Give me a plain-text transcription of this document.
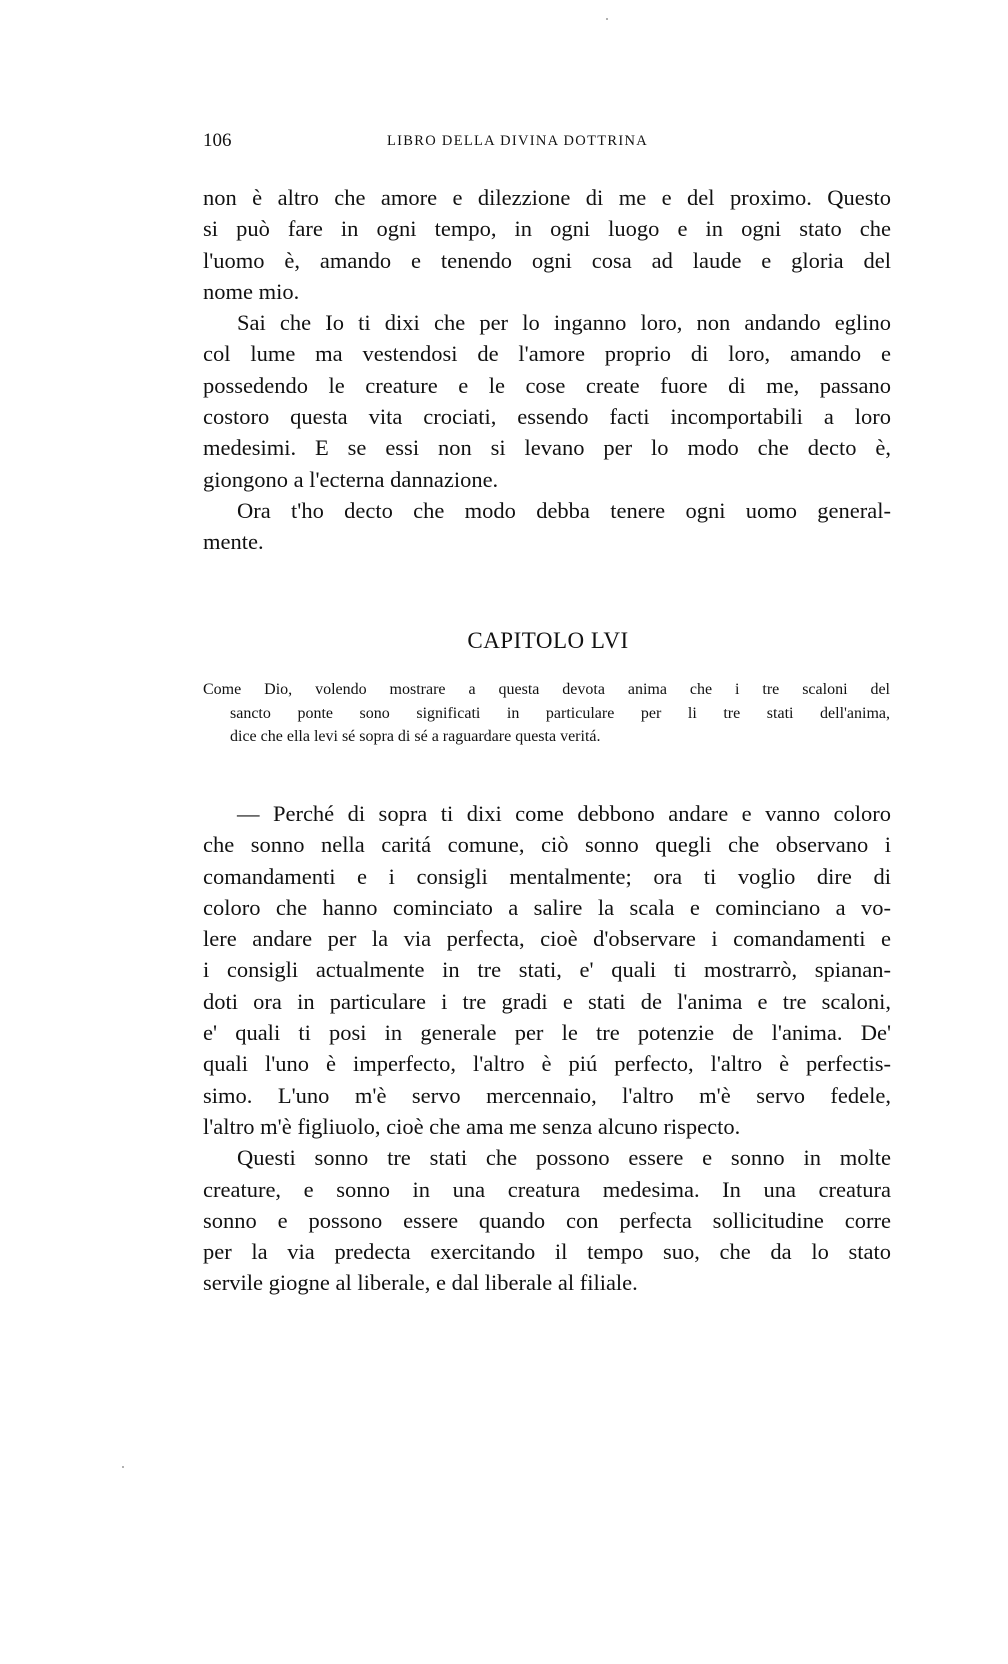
106	LIBRO DELLA DIVINA DOTTRINA
non è altro che amore e dilezzione di me e del proximo. Questo
si può fare in ogni tempo, in ogni luogo e in ogni stato che
l'uomo è, amando e tenendo ogni cosa ad laude e gloria del
nome mio.
Sai che Io ti dixi che per lo inganno loro, non andando eglino
col lume ma vestendosi de l'amore proprio di loro, amando e
possedendo le creature e le cose create fuore di me, passano
costoro questa vita crociati, essendo facti incomportabili a loro
medesimi. E se essi non si levano per lo modo che decto è,
giongono a l'ecterna dannazione.
Ora t'ho decto che modo debba tenere ogni uomo general-
mente.
CAPITOLO LVI
Come Dio, volendo mostrare a questa devota anima che i tre scaloni del
sancto ponte sono significati in particulare per li tre stati dell'anima,
dice che ella levi sé sopra di sé a raguardare questa veritá.
— Perché di sopra ti dixi come debbono andare e vanno coloro
che sonno nella caritá comune, ciò sonno quegli che observano i
comandamenti e i consigli mentalmente; ora ti voglio dire di
coloro che hanno cominciato a salire la scala e cominciano a vo-
lere andare per la via perfecta, cioè d'observare i comandamenti e
i consigli actualmente in tre stati, e' quali ti mostrarrò, spianan-
doti ora in particulare i tre gradi e stati de l'anima e tre scaloni,
e' quali ti posi in generale per le tre potenzie de l'anima. De'
quali l'uno è imperfecto, l'altro è piú perfecto, l'altro è perfectis-
simo. L'uno m'è servo mercennaio, l'altro m'è servo fedele,
l'altro m'è figliuolo, cioè che ama me senza alcuno rispecto.
Questi sonno tre stati che possono essere e sonno in molte
creature, e sonno in una creatura medesima. In una creatura
sonno e possono essere quando con perfecta sollicitudine corre
per la via predecta exercitando il tempo suo, che da lo stato
servile giogne al liberale, e dal liberale al filiale.
